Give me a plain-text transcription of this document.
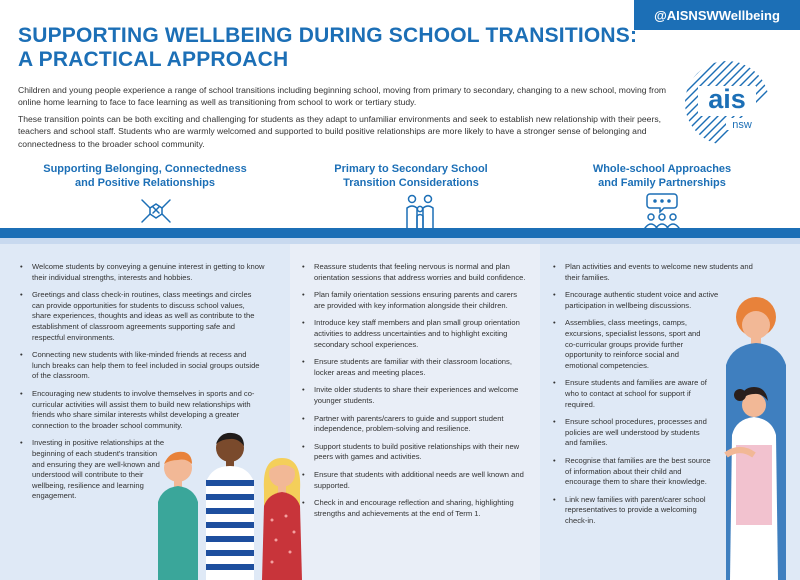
@AISNSWWellbeing
SUPPORTING WELLBEING DURING SCHOOL TRANSITIONS:
A PRACTICAL APPROACH

Children and young people experience a range of school transitions including beginning school, moving from primary to secondary, changing to a new school, moving from online home learning to face to face learning as well as transitioning from school to work or tertiary study.

These transition points can be both exciting and challenging for students as they adapt to unfamiliar environments and seek to establish new relationship with their peers, teachers and school staff. Students who are warmly welcomed and supported to build positive relationships are more likely to have a stronger sense of belonging and connectedness to the broader school community.

ais
nsw
Supporting Belonging, Connectedness
and Positive Relationships
Primary to Secondary School
Transition Considerations
Whole-school Approaches
and Family Partnerships
• Welcome students by conveying a genuine interest in getting to know their individual strengths, interests and hobbies.
• Greetings and class check-in routines, class meetings and circles can provide opportunities for students to discuss school values, share experiences, thoughts and ideas as well as contribute to the establishment of classroom agreements supporting safe and respectful environments.
• Connecting new students with like-minded friends at recess and lunch breaks can help them to feel included in social groups outside of the classroom.
• Encouraging new students to involve themselves in sports and co-curricular activities will assist them to build new relationships with friends who share similar interests whilst developing a greater connection to the broader school community.
• Investing in positive relationships at the beginning of each student's transition and ensuring they are well-known and understood will contribute to their wellbeing, resilience and learning engagement.
• Reassure students that feeling nervous is normal and plan orientation sessions that address worries and build confidence.
• Plan family orientation sessions ensuring parents and carers are provided with key information alongside their children.
• Introduce key staff members and plan small group orientation activities to address uncertainties and to highlight exciting secondary school experiences.
• Ensure students are familiar with their classroom locations, locker areas and meeting places.
• Invite older students to share their experiences and welcome younger students.
• Partner with parents/carers to guide and support student independence, problem-solving and resilience.
• Support students to build positive relationships with their new peers with games and activities.
• Ensure that students with additional needs are well known and supported.
• Check in and encourage reflection and sharing, highlighting strengths and achievements at the end of Term 1.
• Plan activities and events to welcome new students and their families.
• Encourage authentic student voice and active participation in wellbeing discussions.
• Assemblies, class meetings, camps, excursions, specialist lessons, sport and co-curricular groups provide further opportunity to reinforce social and emotional competencies.
• Ensure students and families are aware of who to contact at school for support if required.
• Ensure school procedures, processes and policies are well understood by students and families.
• Recognise that families are the best source of information about their child and encourage them to share their knowledge.
• Link new families with parent/carer school representatives to provide a welcoming check-in.
